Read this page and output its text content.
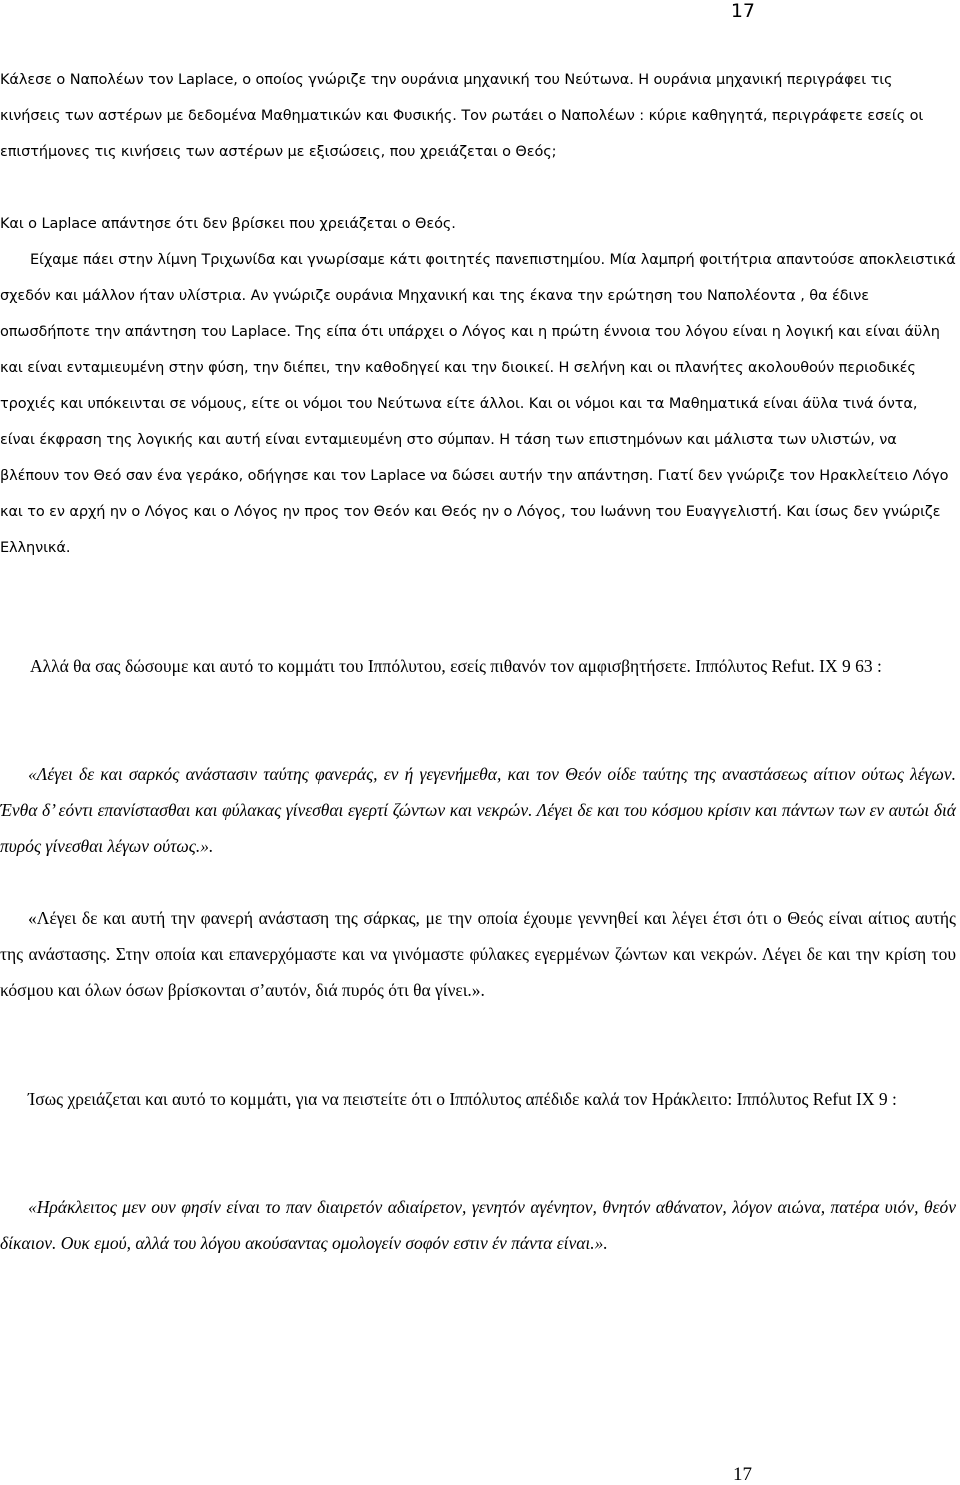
17

Κάλεσε ο Ναπολέων τον Laplace, ο οποίος γνώριζε την ουράνια μηχανική του Νεύτωνα. Η ουράνια μηχανική περιγράφει τις κινήσεις των αστέρων με δεδομένα Μαθηματικών και Φυσικής. Τον ρωτάει ο Ναπολέων : κύριε καθηγητά, περιγράφετε εσείς οι επιστήμονες τις κινήσεις των αστέρων με εξισώσεις, που χρειάζεται ο Θεός;

Και ο Laplace απάντησε ότι δεν βρίσκει που χρειάζεται ο Θεός.

Είχαμε πάει στην λίμνη Τριχωνίδα και γνωρίσαμε κάτι φοιτητές πανεπιστημίου. Μία λαμπρή φοιτήτρια απαντούσε αποκλειστικά σχεδόν και μάλλον ήταν υλίστρια. Αν γνώριζε ουράνια Μηχανική και της έκανα την ερώτηση του Ναπολέοντα , θα έδινε οπωσδήποτε την απάντηση του Laplace. Της είπα ότι υπάρχει ο Λόγος και η πρώτη έννοια του λόγου είναι η λογική και είναι άϋλη και είναι ενταμιευμένη στην φύση, την διέπει, την καθοδηγεί και την διοικεί. Η σελήνη και οι πλανήτες ακολουθούν περιοδικές τροχιές και υπόκεινται σε νόμους, είτε οι νόμοι του Νεύτωνα είτε άλλοι. Και οι νόμοι και τα Μαθηματικά είναι άϋλα τινά όντα, είναι έκφραση της λογικής και αυτή είναι ενταμιευμένη στο σύμπαν. Η τάση των επιστημόνων και μάλιστα των υλιστών, να βλέπουν τον Θεό σαν ένα γεράκο, οδήγησε και τον Laplace να δώσει αυτήν την απάντηση. Γιατί δεν γνώριζε τον Ηρακλείτειο Λόγο και το εν αρχή ην ο Λόγος και ο Λόγος ην προς τον Θεόν και Θεός ην ο Λόγος, του Ιωάννη του Ευαγγελιστή. Και ίσως δεν γνώριζε Ελληνικά.

Αλλά θα σας δώσουμε και αυτό το κομμάτι του Ιππόλυτου, εσείς πιθανόν τον αμφισβητήσετε. Ιππόλυτος Refut. IX 9 63 :

«Λέγει δε και σαρκός ανάστασιν ταύτης φανεράς, εν ή γεγενήμεθα, και τον Θεόν οίδε ταύτης της αναστάσεως αίτιον ούτως λέγων. Ένθα δ’ εόντι επανίστασθαι και φύλακας γίνεσθαι εγερτί ζώντων και νεκρών. Λέγει δε και του κόσμου κρίσιν και πάντων των εν αυτώι διά πυρός γίνεσθαι λέγων ούτως.».

«Λέγει δε και αυτή την φανερή ανάσταση της σάρκας, με την οποία έχουμε γεννηθεί και λέγει έτσι ότι ο Θεός είναι αίτιος αυτής της ανάστασης. Στην οποία και επανερχόμαστε και να γινόμαστε φύλακες εγερμένων ζώντων και νεκρών. Λέγει δε και την κρίση του κόσμου και όλων όσων βρίσκονται σ’αυτόν, διά πυρός ότι θα γίνει.».

Ίσως χρειάζεται και αυτό το κομμάτι, για να πειστείτε ότι ο Ιππόλυτος απέδιδε καλά τον Ηράκλειτο: Ιππόλυτος Refut IX 9 :

«Ηράκλειτος μεν ουν φησίν είναι το παν διαιρετόν αδιαίρετον, γενητόν αγένητον, θνητόν αθάνατον, λόγον αιώνα, πατέρα υιόν, θεόν δίκαιον. Ουκ εμού, αλλά του λόγου ακούσαντας ομολογείν σοφόν εστιν έν πάντα είναι.».

17
